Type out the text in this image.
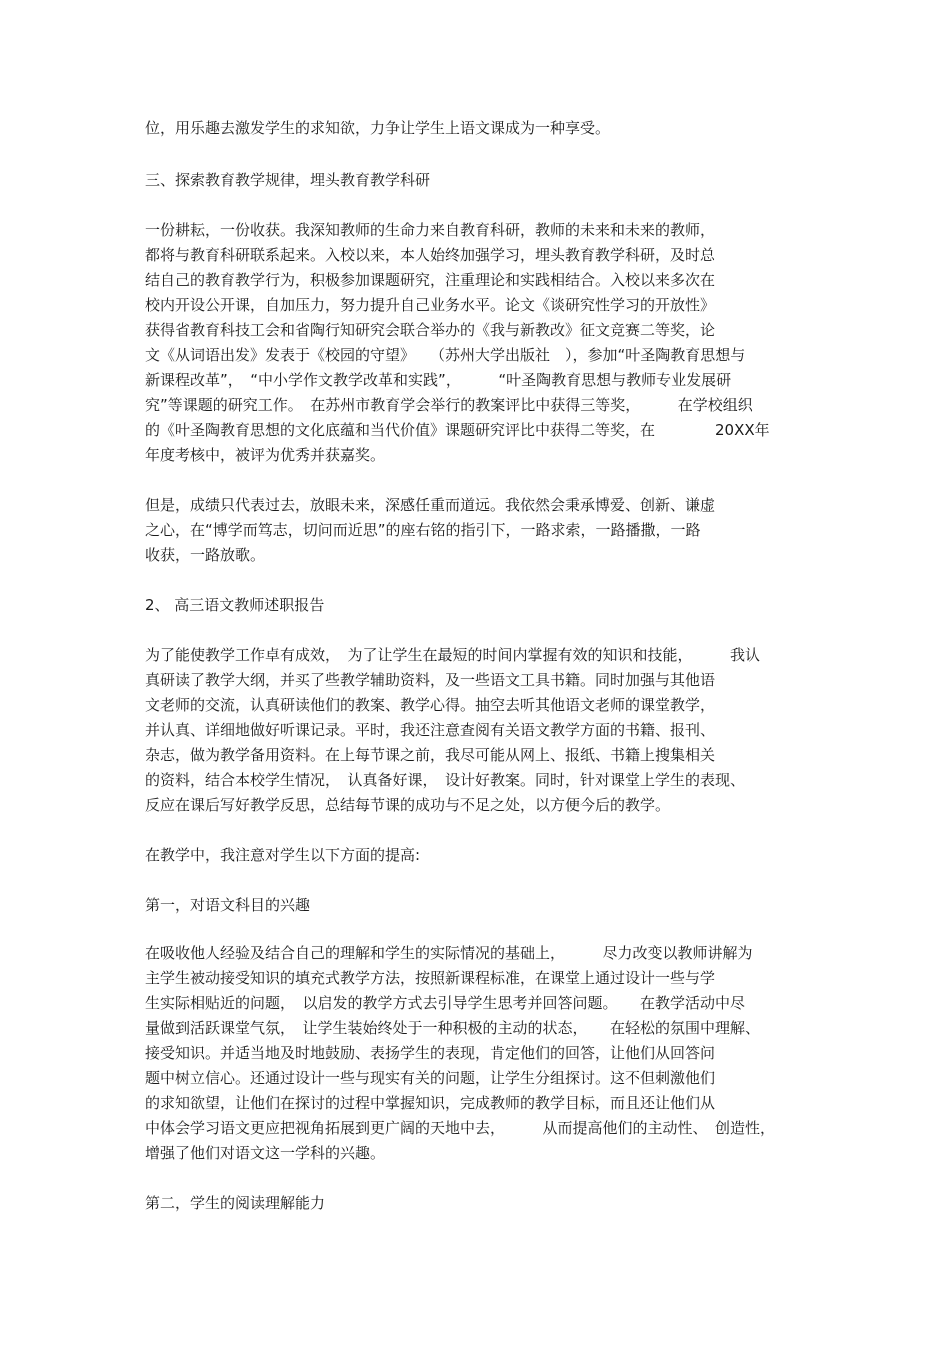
位，用乐趣去激发学生的求知欲，力争让学生上语文课成为一种享受。
三、探索教育教学规律，埋头教育教学科研
一份耕耘，一份收获。我深知教师的生命力来自教育科研，教师的未来和未来的教师，
都将与教育科研联系起来。入校以来，本人始终加强学习，埋头教育教学科研，及时总
结自己的教育教学行为，积极参加课题研究，注重理论和实践相结合。入校以来多次在
校内开设公开课，自加压力，努力提升自己业务水平。论文《谈研究性学习的开放性》
获得省教育科技工会和省陶行知研究会联合举办的《我与新教改》征文竞赛二等奖，论
文《从词语出发》发表于《校园的守望》　　（苏州大学出版社　），参加“叶圣陶教育思想与
新课程改革”，　“中小学作文教学改革和实践”，　　　“叶圣陶教育思想与教师专业发展研
究”等课题的研究工作。　在苏州市教育学会举行的教案评比中获得三等奖，　　　在学校组织
的《叶圣陶教育思想的文化底蕴和当代价值》课题研究评比中获得二等奖，在　　　　20XX年
年度考核中，被评为优秀并获嘉奖。
但是，成绩只代表过去，放眼未来，深感任重而道远。我依然会秉承博爱、创新、谦虚
之心，在“博学而笃志，切问而近思”的座右铭的指引下，一路求索，一路播撒，一路
收获，一路放歌。
2、 高三语文教师述职报告
为了能使教学工作卓有成效，　为了让学生在最短的时间内掌握有效的知识和技能，　　　我认
真研读了教学大纲，并买了些教学辅助资料，及一些语文工具书籍。同时加强与其他语
文老师的交流，认真研读他们的教案、教学心得。抽空去听其他语文老师的课堂教学，
并认真、详细地做好听课记录。平时，我还注意查阅有关语文教学方面的书籍、报刊、
杂志，做为教学备用资料。在上每节课之前，我尽可能从网上、报纸、书籍上搜集相关
的资料，结合本校学生情况，　认真备好课，　设计好教案。同时，针对课堂上学生的表现、
反应在课后写好教学反思，总结每节课的成功与不足之处，以方便今后的教学。
在教学中，我注意对学生以下方面的提高:
第一，对语文科目的兴趣
在吸收他人经验及结合自己的理解和学生的实际情况的基础上，　　　尽力改变以教师讲解为
主学生被动接受知识的填充式教学方法，按照新课程标准，在课堂上通过设计一些与学
生实际相贴近的问题，　以启发的教学方式去引导学生思考并回答问题。　　在教学活动中尽
量做到活跃课堂气氛，　让学生装始终处于一种积极的主动的状态，　　在轻松的氛围中理解、
接受知识。并适当地及时地鼓励、表扬学生的表现，肯定他们的回答，让他们从回答问
题中树立信心。还通过设计一些与现实有关的问题，让学生分组探讨。这不但刺激他们
的求知欲望，让他们在探讨的过程中掌握知识，完成教师的教学目标，而且还让他们从
中体会学习语文更应把视角拓展到更广阔的天地中去，　　　从而提高他们的主动性、　创造性，
增强了他们对语文这一学科的兴趣。
第二，学生的阅读理解能力
